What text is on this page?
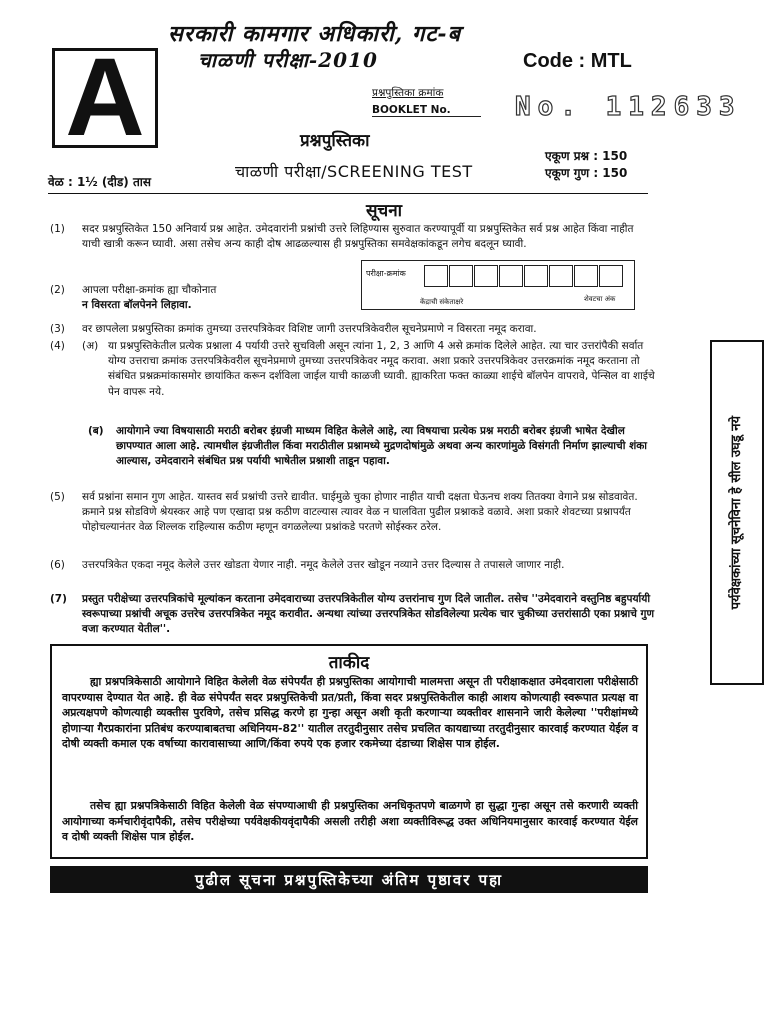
A
सरकारी कामगार अधिकारी, गट-ब
चाळणी परीक्षा-2010	Code : MTL
प्रश्नपुस्तिका क्रमांक
BOOKLET No.	No. 112633
प्रश्नपुस्तिका
चाळणी परीक्षा/SCREENING TEST
वेळ : 1½ (दीड) तास
एकूण प्रश्न : 150
एकूण गुण : 150
सूचना
(1) सदर प्रश्नपुस्तिकेत 150 अनिवार्य प्रश्न आहेत. उमेदवारांनी प्रश्नांची उत्तरे लिहिण्यास सुरुवात करण्यापूर्वी या प्रश्नपुस्तिकेत सर्व प्रश्न आहेत किंवा नाहीत याची खात्री करून घ्यावी. असा तसेच अन्य काही दोष आढळल्यास ही प्रश्नपुस्तिका समवेक्षकांकडून लगेच बदलून घ्यावी.
(2) आपला परीक्षा-क्रमांक ह्या चौकोनात
न विसरता बॉलपेनने लिहावा.
परीक्षा-क्रमांक
केंद्राची संकेताक्षरे	शेवटचा अंक
(3) वर छापलेला प्रश्नपुस्तिका क्रमांक तुमच्या उत्तरपत्रिकेवर विशिष्ट जागी उत्तरपत्रिकेवरील सूचनेप्रमाणे न विसरता नमूद करावा.
(4) (अ) या प्रश्नपुस्तिकेतील प्रत्येक प्रश्नाला 4 पर्यायी उत्तरे सुचविली असून त्यांना 1, 2, 3 आणि 4 असे क्रमांक दिलेले आहेत. त्या चार उत्तरांपैकी सर्वात योग्य उत्तराचा क्रमांक उत्तरपत्रिकेवरील सूचनेप्रमाणे तुमच्या उत्तरपत्रिकेवर नमूद करावा. अशा प्रकारे उत्तरपत्रिकेवर उत्तरक्रमांक नमूद करताना तो संबंधित प्रश्नक्रमांकासमोर छायांकित करून दर्शविला जाईल याची काळजी घ्यावी. ह्याकरिता फक्त काळ्या शाईचे बॉलपेन वापरावे, पेन्सिल वा शाईचे पेन वापरू नये.
(ब) आयोगाने ज्या विषयासाठी मराठी बरोबर इंग्रजी माध्यम विहित केलेले आहे, त्या विषयाचा प्रत्येक प्रश्न मराठी बरोबर इंग्रजी भाषेत देखील छापण्यात आला आहे. त्यामधील इंग्रजीतील किंवा मराठीतील प्रश्नामध्ये मुद्रणदोषांमुळे अथवा अन्य कारणांमुळे विसंगती निर्माण झाल्याची शंका आल्यास, उमेदवाराने संबंधित प्रश्न पर्यायी भाषेतील प्रश्नाशी ताडून पहावा.
(5) सर्व प्रश्नांना समान गुण आहेत. यास्तव सर्व प्रश्नांची उत्तरे द्यावीत. घाईमुळे चुका होणार नाहीत याची दक्षता घेऊनच शक्य तितक्या वेगाने प्रश्न सोडवावेत. क्रमाने प्रश्न सोडविणे श्रेयस्कर आहे पण एखादा प्रश्न कठीण वाटल्यास त्यावर वेळ न घालविता पुढील प्रश्नाकडे वळावे. अशा प्रकारे शेवटच्या प्रश्नापर्यंत पोहोचल्यानंतर वेळ शिल्लक राहिल्यास कठीण म्हणून वगळलेल्या प्रश्नांकडे परतणे सोईस्कर ठरेल.
(6) उत्तरपत्रिकेत एकदा नमूद केलेले उत्तर खोडता येणार नाही. नमूद केलेले उत्तर खोडून नव्याने उत्तर दिल्यास ते तपासले जाणार नाही.
(7) प्रस्तुत परीक्षेच्या उत्तरपत्रिकांचे मूल्यांकन करताना उमेदवाराच्या उत्तरपत्रिकेतील योग्य उत्तरांनाच गुण दिले जातील. तसेच ''उमेदवाराने वस्तुनिष्ठ बहुपर्यायी स्वरूपाच्या प्रश्नांची अचूक उत्तरेच उत्तरपत्रिकेत नमूद करावीत. अन्यथा त्यांच्या उत्तरपत्रिकेत सोडविलेल्या प्रत्येक चार चुकीच्या उत्तरांसाठी एका प्रश्नाचे गुण वजा करण्यात येतील''.
पर्यवेक्षकांच्या सूचनेविना हे सील उघडू नये
ताकीद
ह्या प्रश्नपत्रिकेसाठी आयोगाने विहित केलेली वेळ संपेपर्यंत ही प्रश्नपुस्तिका आयोगाची मालमत्ता असून ती परीक्षाकक्षात उमेदवाराला परीक्षेसाठी वापरण्यास देण्यात येत आहे. ही वेळ संपेपर्यंत सदर प्रश्नपुस्तिकेची प्रत/प्रती, किंवा सदर प्रश्नपुस्तिकेतील काही आशय कोणत्याही स्वरूपात प्रत्यक्ष वा अप्रत्यक्षपणे कोणत्याही व्यक्तीस पुरविणे, तसेच प्रसिद्ध करणे हा गुन्हा असून अशी कृती करणाऱ्या व्यक्तीवर शासनाने जारी केलेल्या ''परीक्षांमध्ये होणाऱ्या गैरप्रकारांना प्रतिबंध करण्याबाबतचा अधिनियम-82'' यातील तरतुदीनुसार तसेच प्रचलित कायद्याच्या तरतुदीनुसार कारवाई करण्यात येईल व दोषी व्यक्ती कमाल एक वर्षाच्या कारावासाच्या आणि/किंवा रुपये एक हजार रकमेच्या दंडाच्या शिक्षेस पात्र होईल.
तसेच ह्या प्रश्नपत्रिकेसाठी विहित केलेली वेळ संपण्याआधी ही प्रश्नपुस्तिका अनधिकृतपणे बाळगणे हा सुद्धा गुन्हा असून तसे करणारी व्यक्ती आयोगाच्या कर्मचारीवृंदापैकी, तसेच परीक्षेच्या पर्यवेक्षकीयवृंदापैकी असली तरीही अशा व्यक्तीविरूद्ध उक्त अधिनियमानुसार कारवाई करण्यात येईल व दोषी व्यक्ती शिक्षेस पात्र होईल.
पुढील सूचना प्रश्नपुस्तिकेच्या अंतिम पृष्ठावर पहा
